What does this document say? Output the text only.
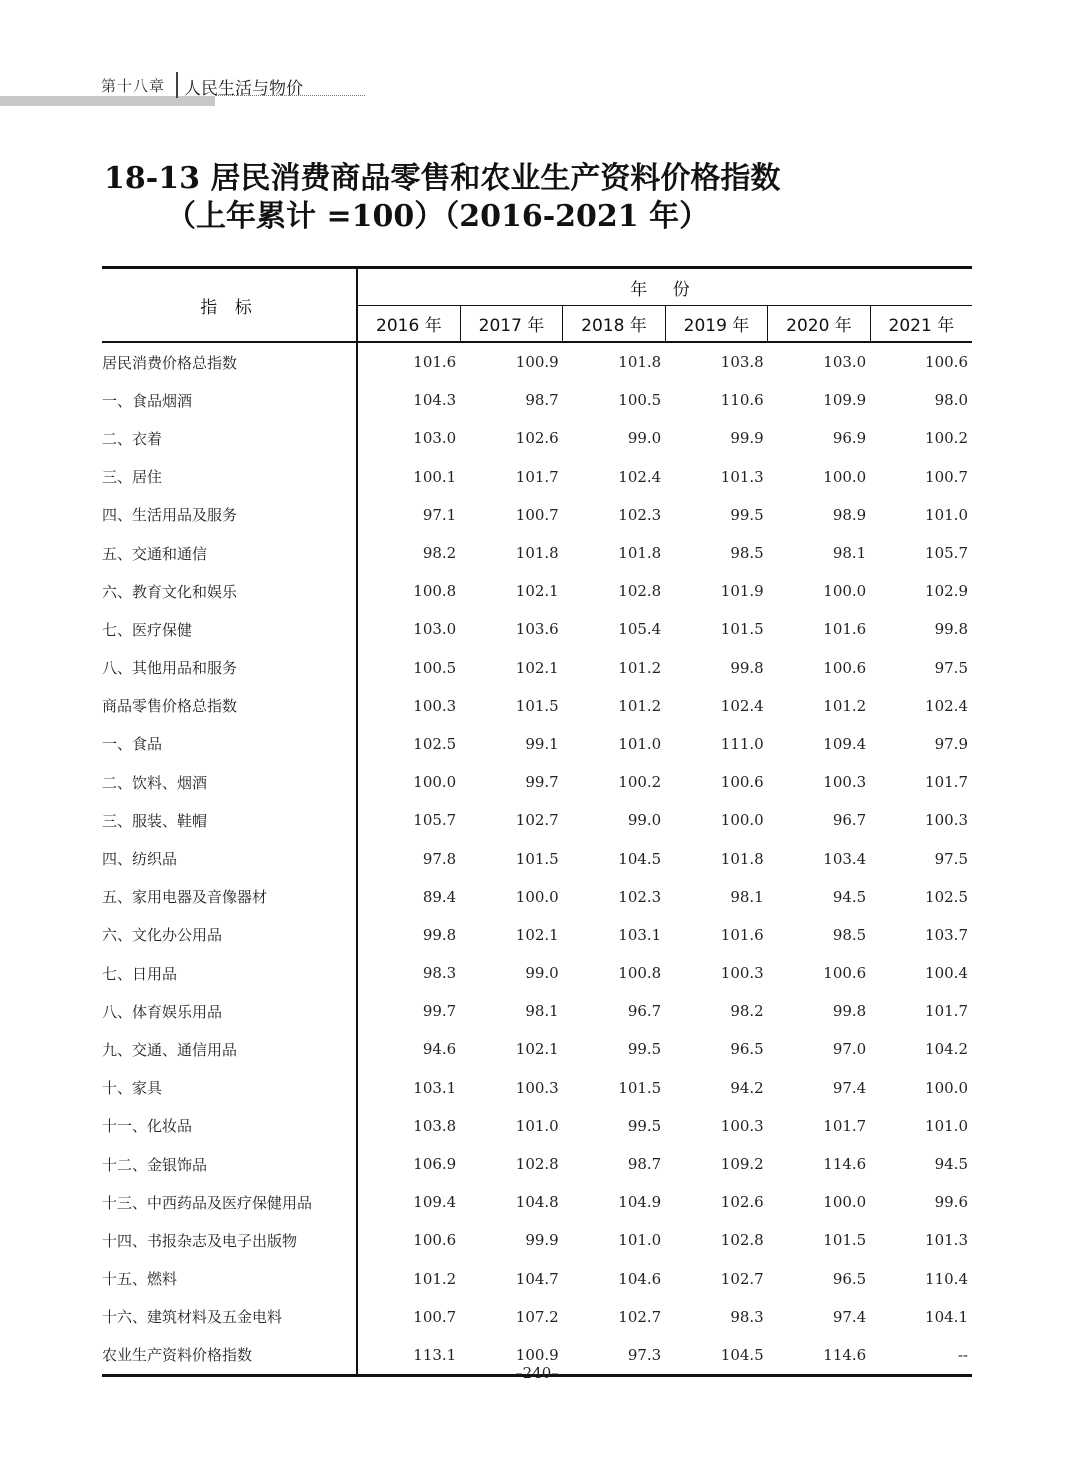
第十八章	人民生活与物价
18-13 居民消费商品零售和农业生产资料价格指数
（上年累计 =100）（2016-2021 年）
指 标	年 份					
	2016 年	2017 年	2018 年	2019 年	2020 年	2021 年
居民消费价格总指数	101.6	100.9	101.8	103.8	103.0	100.6
一、食品烟酒	104.3	98.7	100.5	110.6	109.9	98.0
二、衣着	103.0	102.6	99.0	99.9	96.9	100.2
三、居住	100.1	101.7	102.4	101.3	100.0	100.7
四、生活用品及服务	97.1	100.7	102.3	99.5	98.9	101.0
五、交通和通信	98.2	101.8	101.8	98.5	98.1	105.7
六、教育文化和娱乐	100.8	102.1	102.8	101.9	100.0	102.9
七、医疗保健	103.0	103.6	105.4	101.5	101.6	99.8
八、其他用品和服务	100.5	102.1	101.2	99.8	100.6	97.5
商品零售价格总指数	100.3	101.5	101.2	102.4	101.2	102.4
一、食品	102.5	99.1	101.0	111.0	109.4	97.9
二、饮料、烟酒	100.0	99.7	100.2	100.6	100.3	101.7
三、服装、鞋帽	105.7	102.7	99.0	100.0	96.7	100.3
四、纺织品	97.8	101.5	104.5	101.8	103.4	97.5
五、家用电器及音像器材	89.4	100.0	102.3	98.1	94.5	102.5
六、文化办公用品	99.8	102.1	103.1	101.6	98.5	103.7
七、日用品	98.3	99.0	100.8	100.3	100.6	100.4
八、体育娱乐用品	99.7	98.1	96.7	98.2	99.8	101.7
九、交通、通信用品	94.6	102.1	99.5	96.5	97.0	104.2
十、家具	103.1	100.3	101.5	94.2	97.4	100.0
十一、化妆品	103.8	101.0	99.5	100.3	101.7	101.0
十二、金银饰品	106.9	102.8	98.7	109.2	114.6	94.5
十三、中西药品及医疗保健用品	109.4	104.8	104.9	102.6	100.0	99.6
十四、书报杂志及电子出版物	100.6	99.9	101.0	102.8	101.5	101.3
十五、燃料	101.2	104.7	104.6	102.7	96.5	110.4
十六、建筑材料及五金电料	100.7	107.2	102.7	98.3	97.4	104.1
农业生产资料价格指数	113.1	100.9	97.3	104.5	114.6	--
–240–
